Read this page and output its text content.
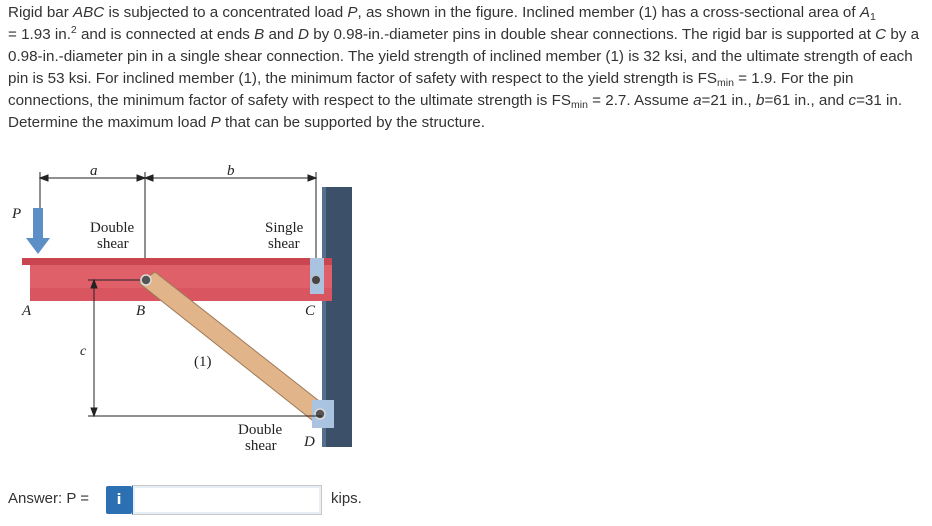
Rigid bar ABC is subjected to a concentrated load P, as shown in the figure. Inclined member (1) has a cross-sectional area of $A_1$
= 1.93 in.$^2$ and is connected at ends B and D by 0.98-in.-diameter pins in double shear connections. The rigid bar is supported at C by a 0.98-in.-diameter pin in a single shear connection. The yield strength of inclined member (1) is 32 ksi, and the ultimate strength of each pin is 53 ksi. For inclined member (1), the minimum factor of safety with respect to the yield strength is $FS_{min} = 1.9$. For the pin connections, the minimum factor of safety with respect to the ultimate strength is $FS_{min} = 2.7$. Assume a=21 in., b=61 in., and c=31 in. Determine the maximum load P that can be supported by the structure.
a	b
P
c
A	B	C
D
(1)
Double
shear
Single
shear
Double
shear
Answer: P =	i	kips.
